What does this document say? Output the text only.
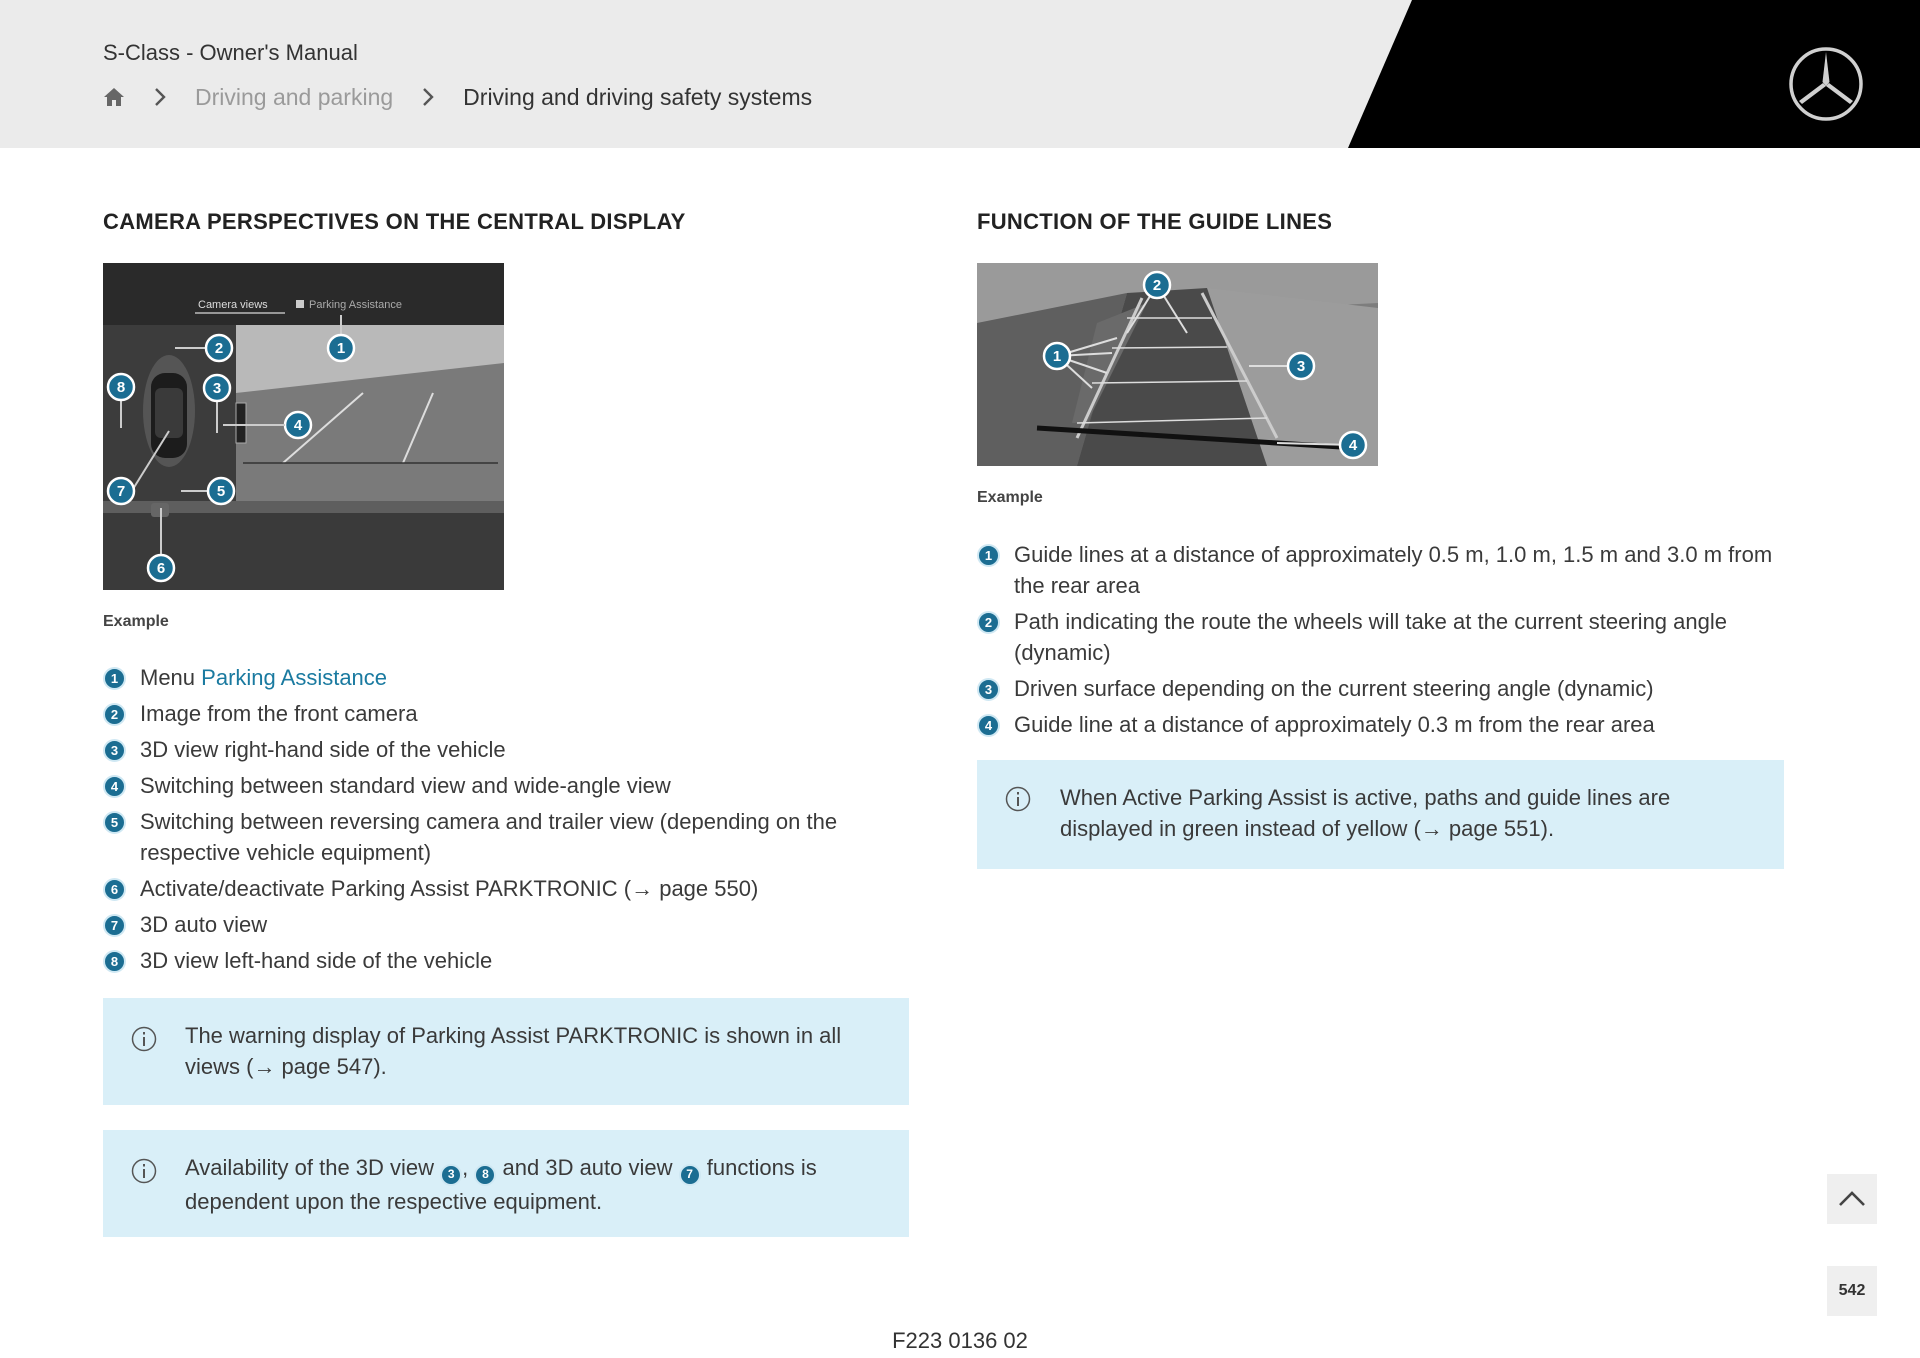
S-Class - Owner's Manual
Driving and parking	Driving and driving safety systems
CAMERA PERSPECTIVES ON THE CENTRAL DISPLAY
Camera views	Parking Assistance
1
2
3
4
5
6
7
8
Example
1 Menu Parking Assistance
2 Image from the front camera
3 3D view right-hand side of the vehicle
4 Switching between standard view and wide-angle view
5 Switching between reversing camera and trailer view (depending on the respective vehicle equipment)
6 Activate/deactivate Parking Assist PARKTRONIC (→ page 550)
7 3D auto view
8 3D view left-hand side of the vehicle
The warning display of Parking Assist PARKTRONIC is shown in all views (→ page 547).
Availability of the 3D view 3 , 8 and 3D auto view 7 functions is dependent upon the respective equipment.
FUNCTION OF THE GUIDE LINES
1
2
3
4
Example
1 Guide lines at a distance of approximately 0.5 m, 1.0 m, 1.5 m and 3.0 m from the rear area
2 Path indicating the route the wheels will take at the current steering angle (dynamic)
3 Driven surface depending on the current steering angle (dynamic)
4 Guide line at a distance of approximately 0.3 m from the rear area
When Active Parking Assist is active, paths and guide lines are displayed in green instead of yellow (→ page 551).
542
F223 0136 02
